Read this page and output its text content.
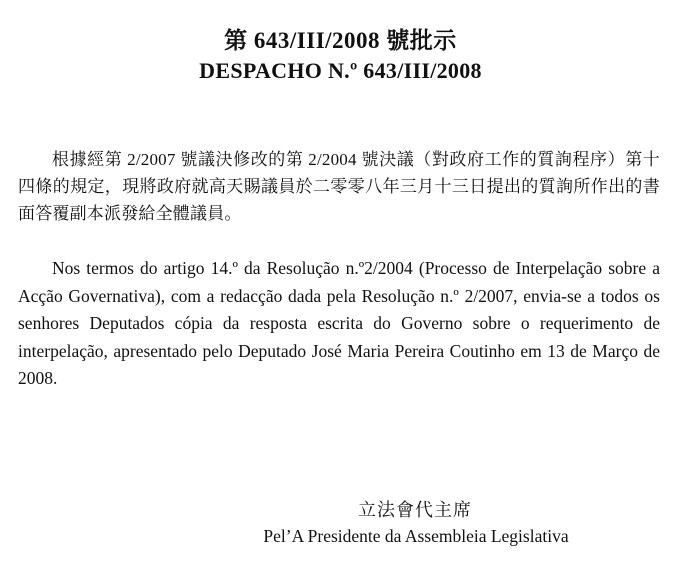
第 643/III/2008 號批示
DESPACHO N.º 643/III/2008

根據經第 2/2007 號議決修改的第 2/2004 號決議（對政府工作的質詢程序）第十四條的規定，現將政府就高天賜議員於二零零八年三月十三日提出的質詢所作出的書面答覆副本派發給全體議員。

Nos termos do artigo 14.º da Resolução n.º2/2004 (Processo de Interpelação sobre a Acção Governativa), com a redacção dada pela Resolução n.º 2/2007, envia-se a todos os senhores Deputados cópia da resposta escrita do Governo sobre o requerimento de interpelação, apresentado pelo Deputado José Maria Pereira Coutinho em 13 de Março de 2008.

立法會代主席
Pel’A Presidente da Assembleia Legislativa
